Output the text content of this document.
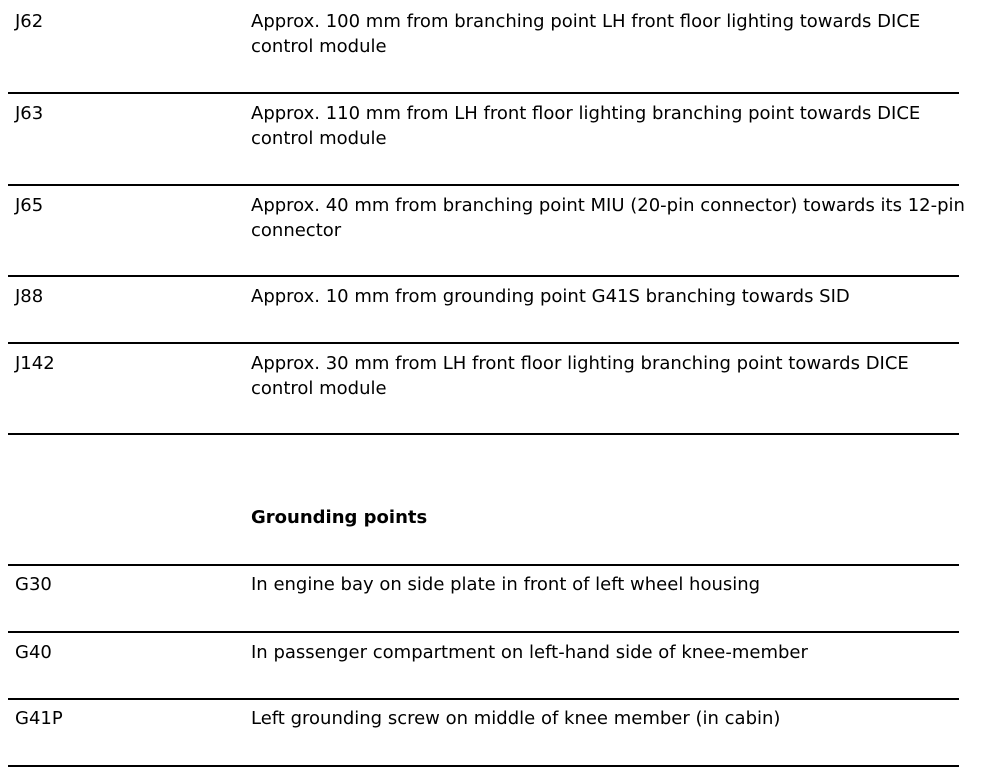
J62	Approx. 100 mm from branching point LH front floor lighting towards DICE control module
J63	Approx. 110 mm from LH front floor lighting branching point towards DICE control module
J65	Approx. 40 mm from branching point MIU (20-pin connector) towards its 12-pin connector
J88	Approx. 10 mm from grounding point G41S branching towards SID
J142	Approx. 30 mm from LH front floor lighting branching point towards DICE control module
Grounding points
G30	In engine bay on side plate in front of left wheel housing
G40	In passenger compartment on left-hand side of knee-member
G41P	Left grounding screw on middle of knee member (in cabin)
